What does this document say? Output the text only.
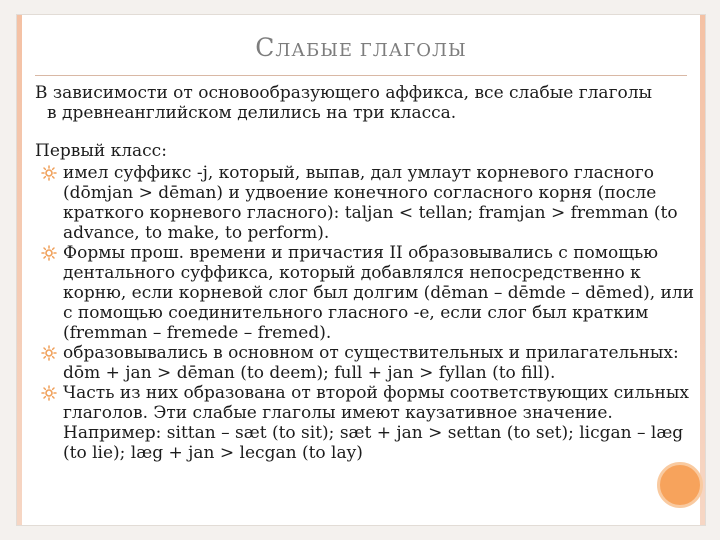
СЛАБЫЕ ГЛАГОЛЫ

В зависимости от основообразующего аффикса, все слабые глаголы
в древнеанглийском делились на три класса.

Первый класс:

имел суффикс -j, который, выпав, дал умлаут корневого гласного (dōmjan > dēman) и удвоение конечного согласного корня (после краткого корневого гласного): taljan < tellan; framjan > fremman (to advance, to make, to perform).

Формы прош. времени и причастия II образовывались с помощью дентального суффикса, который добавлялся непосредственно к корню, если корневой слог был долгим (dēman – dēmde – dēmed), или с помощью соединительного гласного -e, если слог был кратким (fremman – fremede – fremed).

образовывались в основном от существительных и прилагательных: dōm + jan > dēman (to deem); full + jan > fyllan (to fill).

Часть из них образована от второй формы соответствующих сильных глаголов. Эти слабые глаголы имеют каузативное значение. Например: sittan – sæt (to sit); sæt + jan > settan (to set); licgan – læg (to lie); læg + jan > lecgan (to lay)
